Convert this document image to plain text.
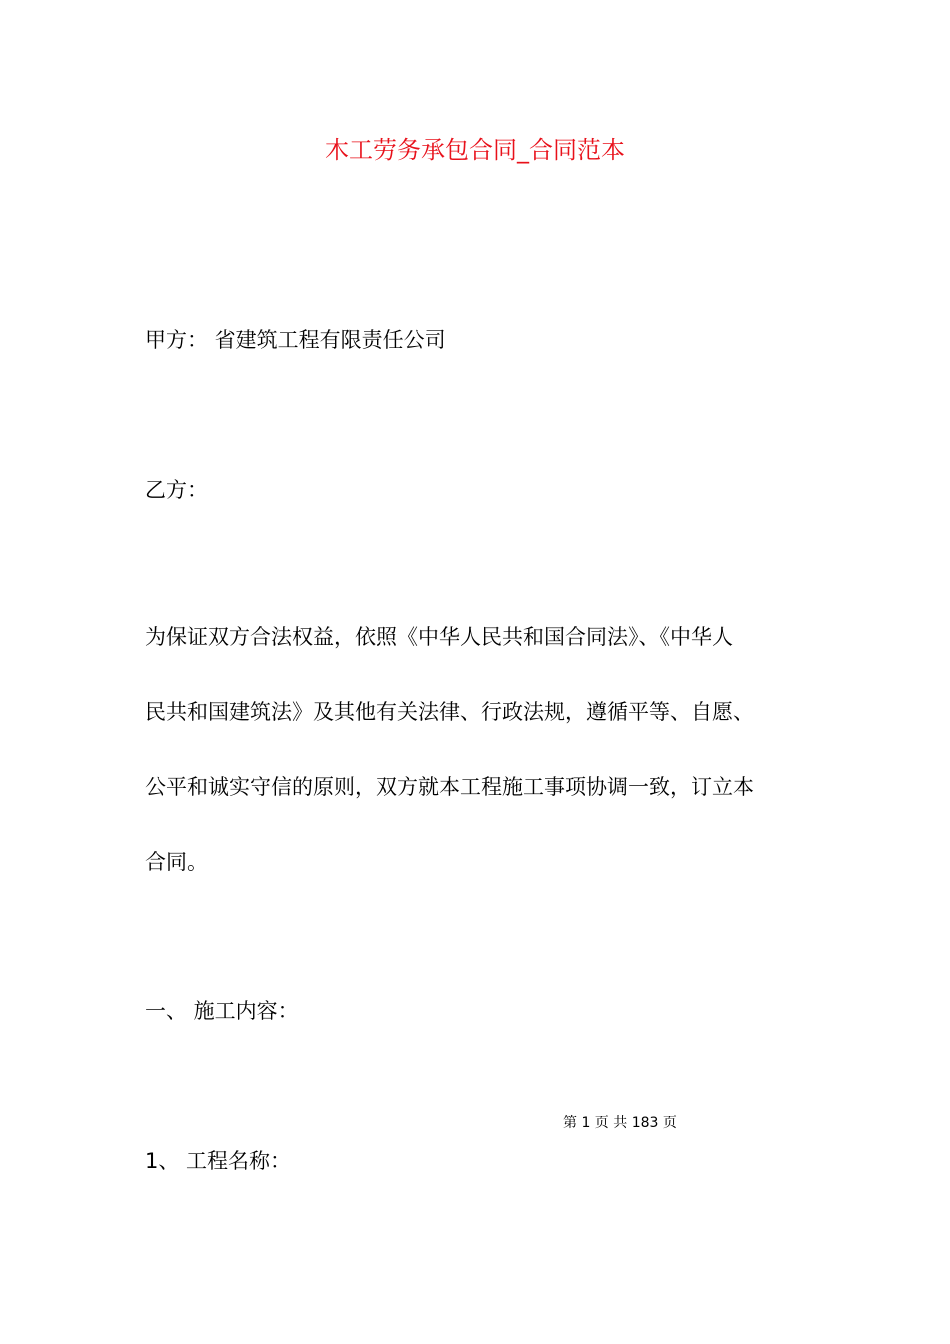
木工劳务承包合同_合同范本
甲方： 省建筑工程有限责任公司
乙方：
为保证双方合法权益，依照《中华人民共和国合同法》、《中华人
民共和国建筑法》及其他有关法律、行政法规，遵循平等、自愿、
公平和诚实守信的原则，双方就本工程施工事项协调一致，订立本
合同。
一、 施工内容：
第 1 页 共 183 页
1、 工程名称：
